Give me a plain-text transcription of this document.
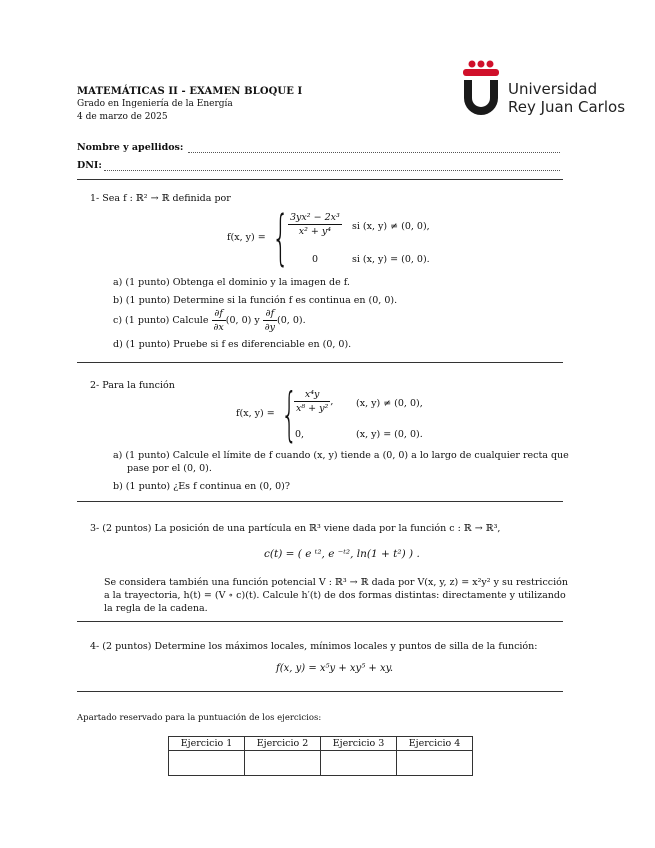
MATEMÁTICAS II - EXAMEN BLOQUE I
Grado en Ingeniería de la Energía
4 de marzo de 2025
Universidad
Rey Juan Carlos
Nombre y apellidos:
DNI:
1- Sea f : ℝ² → ℝ definida por
f(x, y) = {
$\frac{\text{3yx² − 2x³}}{\text{x² + y⁴}}$ si (x, y) ≠ (0, 0),
0	si (x, y) = (0, 0).
a) (1 punto) Obtenga el dominio y la imagen de f.
b) (1 punto) Determine si la función f es continua en (0, 0).
c) (1 punto) Calcule $\frac{\partial f}{\partial x} (0$, 0) y $\frac{\partial f}{\partial y} (0$, 0).
d) (1 punto) Pruebe si f es diferenciable en (0, 0).
2- Para la función
f(x, y) = {
$\frac{\text{x⁴y}}{\text{x⁸ + y²}}$ , (x, y) ≠ (0, 0),
0,	(x, y) = (0, 0).
a) (1 punto) Calcule el límite de f cuando (x, y) tiende a (0, 0) a lo largo de cualquier recta que
pase por el (0, 0).
b) (1 punto) ¿Es f continua en (0, 0)?
3- (2 puntos) La posición de una partícula en ℝ³ viene dada por la función c : ℝ → ℝ³,
c(t) = ( e ᵗ², e ⁻ᵗ², ln(1 + t²) ) .
Se considera también una función potencial V : ℝ³ → ℝ dada por V(x, y, z) = x²y² y su restricción
a la trayectoria, h(t) = (V ∘ c)(t). Calcule h′(t) de dos formas distintas: directamente y utilizando
la regla de la cadena.
4- (2 puntos) Determine los máximos locales, mínimos locales y puntos de silla de la función:
f(x, y) = x⁵y + xy⁵ + xy.
Apartado reservado para la puntuación de los ejercicios:
Ejercicio 1	Ejercicio 2	Ejercicio 3	Ejercicio 4
